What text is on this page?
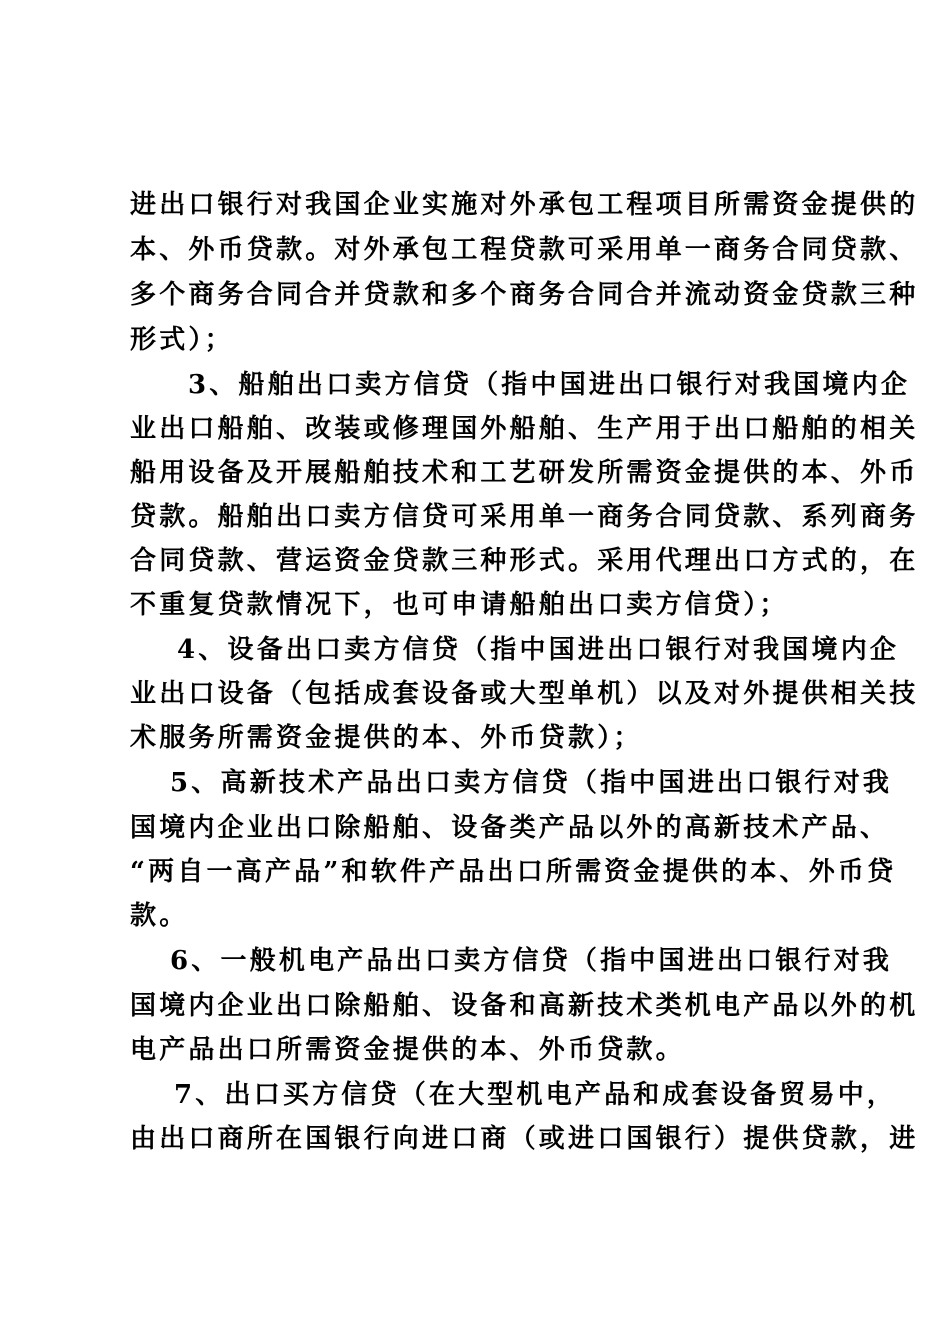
进出口银行对我国企业实施对外承包工程项目所需资金提供的
本、外币贷款。对外承包工程贷款可采用单一商务合同贷款、
多个商务合同合并贷款和多个商务合同合并流动资金贷款三种
形式）；
3、船舶出口卖方信贷（指中国进出口银行对我国境内企
业出口船舶、改装或修理国外船舶、生产用于出口船舶的相关
船用设备及开展船舶技术和工艺研发所需资金提供的本、外币
贷款。船舶出口卖方信贷可采用单一商务合同贷款、系列商务
合同贷款、营运资金贷款三种形式。采用代理出口方式的，在
不重复贷款情况下，也可申请船舶出口卖方信贷）；
4、设备出口卖方信贷（指中国进出口银行对我国境内企
业出口设备（包括成套设备或大型单机）以及对外提供相关技
术服务所需资金提供的本、外币贷款）；
5、高新技术产品出口卖方信贷（指中国进出口银行对我
国境内企业出口除船舶、设备类产品以外的高新技术产品、
“两自一高产品”和软件产品出口所需资金提供的本、外币贷
款。
6、一般机电产品出口卖方信贷（指中国进出口银行对我
国境内企业出口除船舶、设备和高新技术类机电产品以外的机
电产品出口所需资金提供的本、外币贷款。
7、出口买方信贷（在大型机电产品和成套设备贸易中，
由出口商所在国银行向进口商（或进口国银行）提供贷款，进
